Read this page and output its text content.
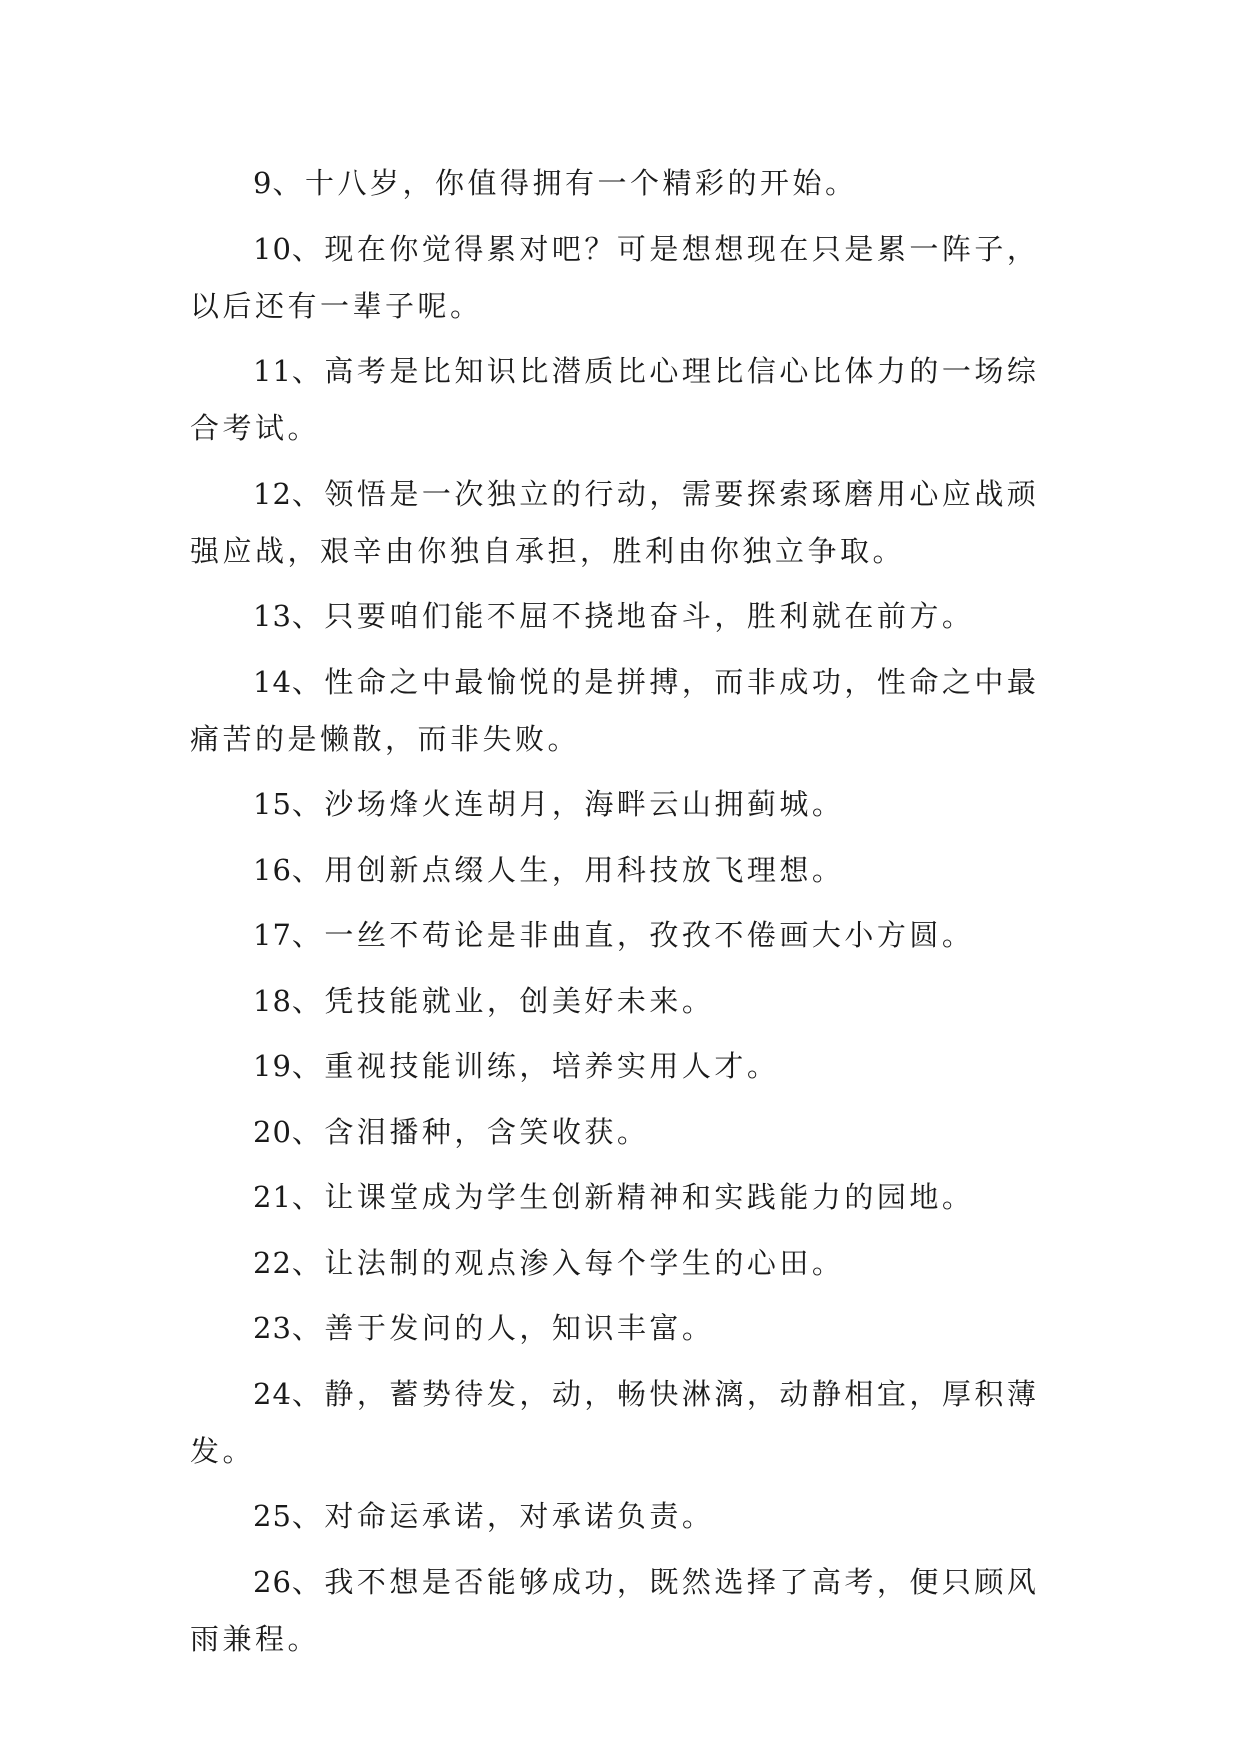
9、十八岁，你值得拥有一个精彩的开始。

10、现在你觉得累对吧？可是想想现在只是累一阵子，以后还有一辈子呢。

11、高考是比知识比潜质比心理比信心比体力的一场综合考试。

12、领悟是一次独立的行动，需要探索琢磨用心应战顽强应战，艰辛由你独自承担，胜利由你独立争取。

13、只要咱们能不屈不挠地奋斗，胜利就在前方。

14、性命之中最愉悦的是拼搏，而非成功，性命之中最痛苦的是懒散，而非失败。

15、沙场烽火连胡月，海畔云山拥蓟城。

16、用创新点缀人生，用科技放飞理想。

17、一丝不苟论是非曲直，孜孜不倦画大小方圆。

18、凭技能就业，创美好未来。

19、重视技能训练，培养实用人才。

20、含泪播种，含笑收获。

21、让课堂成为学生创新精神和实践能力的园地。

22、让法制的观点渗入每个学生的心田。

23、善于发问的人，知识丰富。

24、静，蓄势待发，动，畅快淋漓，动静相宜，厚积薄发。

25、对命运承诺，对承诺负责。

26、我不想是否能够成功，既然选择了高考，便只顾风雨兼程。
